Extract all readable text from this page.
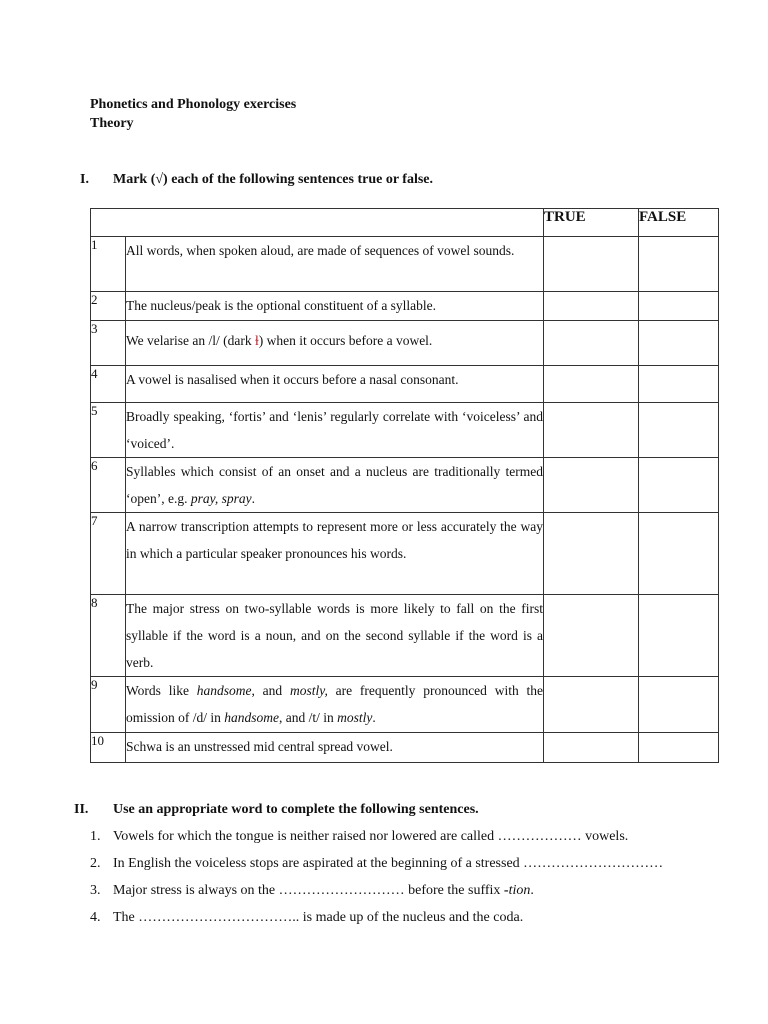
Phonetics and Phonology exercises
Theory
I. Mark (√) each of the following sentences true or false.
		TRUE	FALSE
1	All words, when spoken aloud, are made of sequences of vowel sounds.		
2	The nucleus/peak is the optional constituent of a syllable.		
3	We velarise an /l/ (dark ɫ) when it occurs before a vowel.		
4	A vowel is nasalised when it occurs before a nasal consonant.		
5	Broadly speaking, ‘fortis’ and ‘lenis’ regularly correlate with ‘voiceless’ and ‘voiced’.		
6	Syllables which consist of an onset and a nucleus are traditionally termed ‘open’, e.g. pray, spray.		
7	A narrow transcription attempts to represent more or less accurately the way in which a particular speaker pronounces his words.		
8	The major stress on two-syllable words is more likely to fall on the first syllable if the word is a noun, and on the second syllable if the word is a verb.		
9	Words like handsome, and mostly, are frequently pronounced with the omission of /d/ in handsome, and /t/ in mostly.		
10	Schwa is an unstressed mid central spread vowel.		
II. Use an appropriate word to complete the following sentences.
1. Vowels for which the tongue is neither raised nor lowered are called ……………… vowels.
2. In English the voiceless stops are aspirated at the beginning of a stressed …………………………
3. Major stress is always on the ……………………… before the suffix -tion.
4. The …………………………….. is made up of the nucleus and the coda.
